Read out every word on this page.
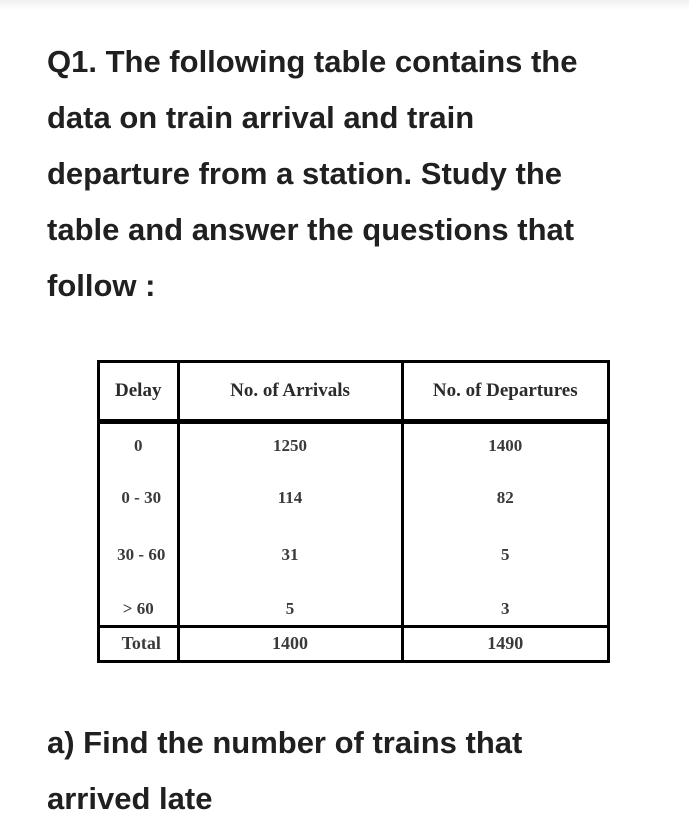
Q1. The following table contains the
data on train arrival and train
departure from a station. Study the
table and answer the questions that
follow :

Delay	No. of Arrivals	No. of Departures
0	1250	1400
0 - 30	114	82
30 - 60	31	5
> 60	5	3
Total	1400	1490

a) Find the number of trains that
arrived late
